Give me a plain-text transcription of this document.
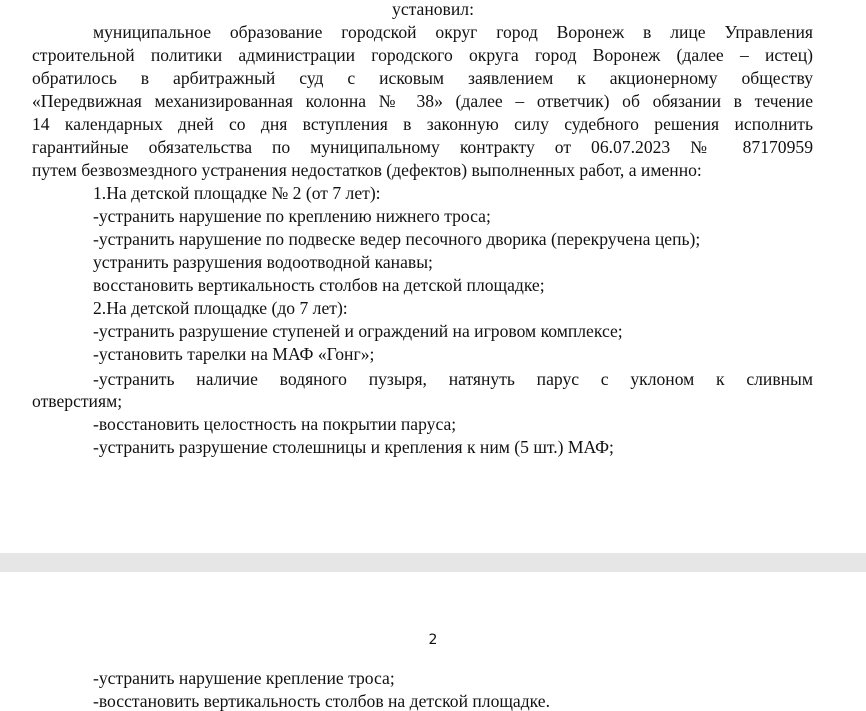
установил:
муниципальное образование городской округ город Воронеж в лице Управления
строительной политики администрации городского округа город Воронеж (далее – истец)
обратилось в арбитражный суд с исковым заявлением к акционерному обществу
«Передвижная механизированная колонна № 38» (далее – ответчик) об обязании в течение
14 календарных дней со дня вступления в законную силу судебного решения исполнить
гарантийные обязательства по муниципальному контракту от 06.07.2023 № 87170959
путем безвозмездного устранения недостатков (дефектов) выполненных работ, а именно:
1.На детской площадке № 2 (от 7 лет):
-устранить нарушение по креплению нижнего троса;
-устранить нарушение по подвеске ведер песочного дворика (перекручена цепь);
устранить разрушения водоотводной канавы;
восстановить вертикальность столбов на детской площадке;
2.На детской площадке (до 7 лет):
-устранить разрушение ступеней и ограждений на игровом комплексе;
-установить тарелки на МАФ «Гонг»;
-устранить наличие водяного пузыря, натянуть парус с уклоном к сливным
отверстиям;
-восстановить целостность на покрытии паруса;
-устранить разрушение столешницы и крепления к ним (5 шт.) МАФ;
2
-устранить нарушение крепление троса;
-восстановить вертикальность столбов на детской площадке.
